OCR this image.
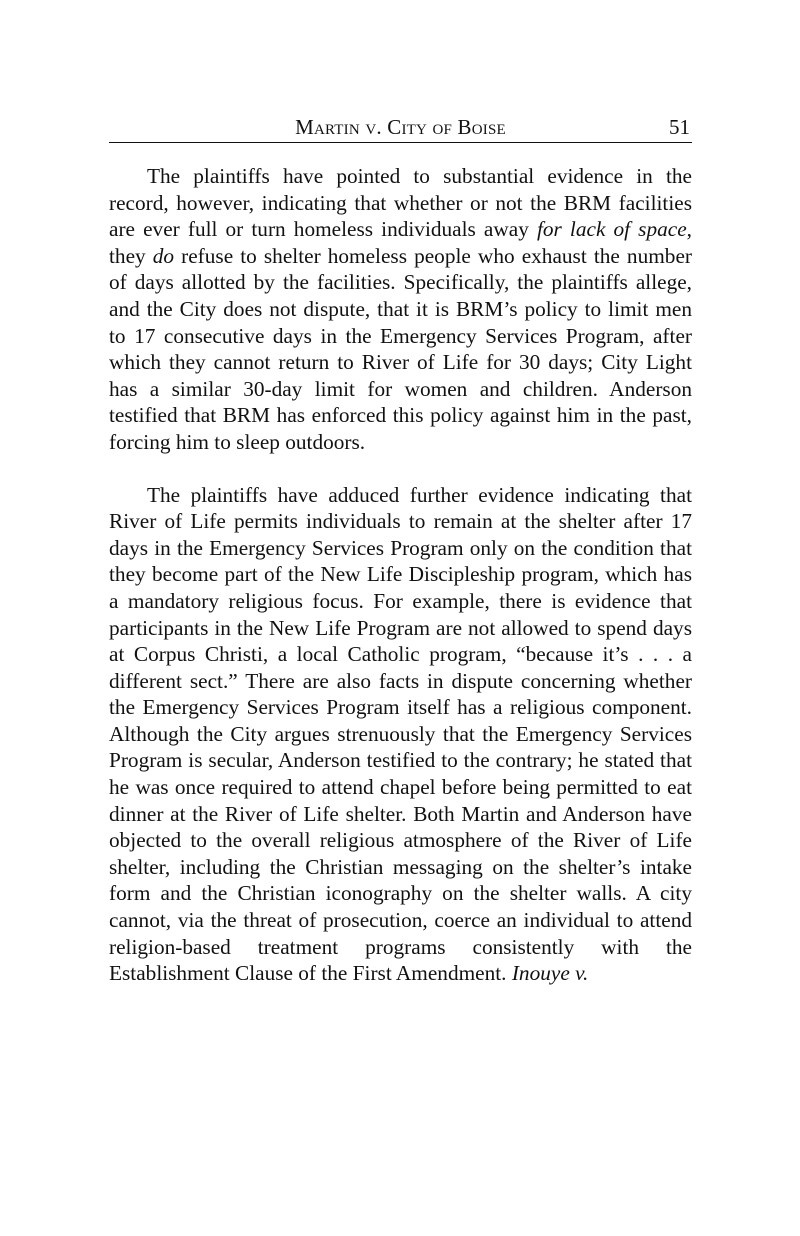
Martin v. City of Boise	51

The plaintiffs have pointed to substantial evidence in the record, however, indicating that whether or not the BRM facilities are ever full or turn homeless individuals away for lack of space, they do refuse to shelter homeless people who exhaust the number of days allotted by the facilities. Specifically, the plaintiffs allege, and the City does not dispute, that it is BRM’s policy to limit men to 17 consecutive days in the Emergency Services Program, after which they cannot return to River of Life for 30 days; City Light has a similar 30-day limit for women and children. Anderson testified that BRM has enforced this policy against him in the past, forcing him to sleep outdoors.

The plaintiffs have adduced further evidence indicating that River of Life permits individuals to remain at the shelter after 17 days in the Emergency Services Program only on the condition that they become part of the New Life Discipleship program, which has a mandatory religious focus. For example, there is evidence that participants in the New Life Program are not allowed to spend days at Corpus Christi, a local Catholic program, “because it’s . . . a different sect.” There are also facts in dispute concerning whether the Emergency Services Program itself has a religious component. Although the City argues strenuously that the Emergency Services Program is secular, Anderson testified to the contrary; he stated that he was once required to attend chapel before being permitted to eat dinner at the River of Life shelter. Both Martin and Anderson have objected to the overall religious atmosphere of the River of Life shelter, including the Christian messaging on the shelter’s intake form and the Christian iconography on the shelter walls. A city cannot, via the threat of prosecution, coerce an individual to attend religion-based treatment programs consistently with the Establishment Clause of the First Amendment. Inouye v.
